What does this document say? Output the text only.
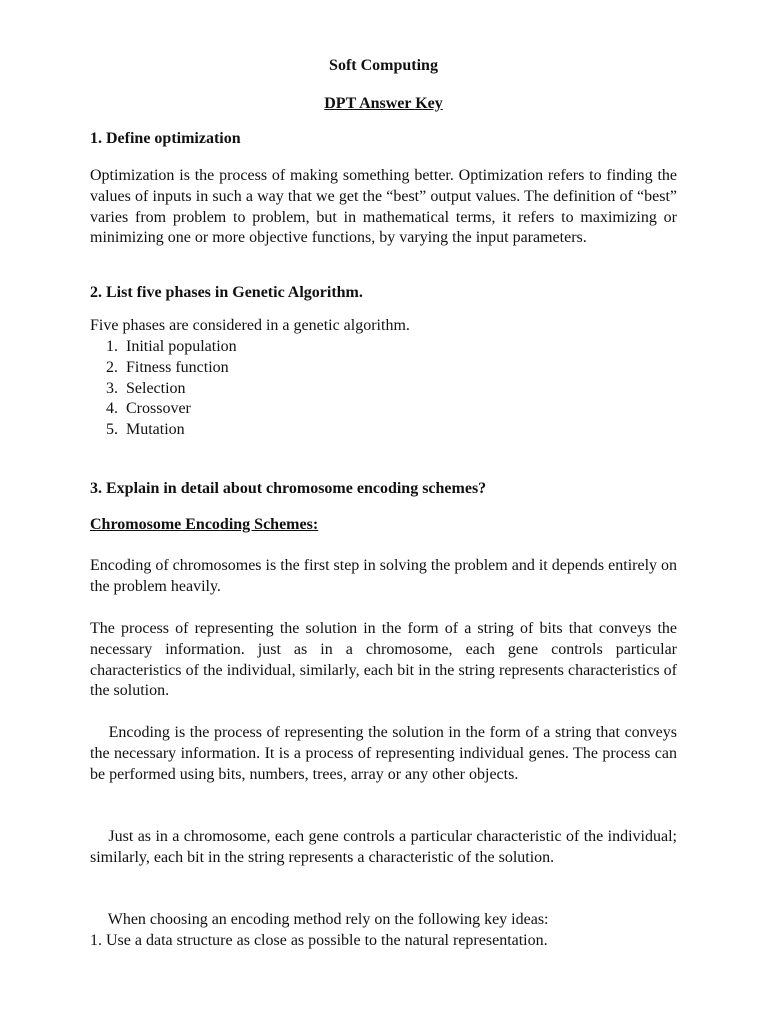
Soft Computing
DPT Answer Key
1. Define optimization
Optimization is the process of making something better. Optimization refers to finding the values of inputs in such a way that we get the “best” output values. The definition of “best” varies from problem to problem, but in mathematical terms, it refers to maximizing or minimizing one or more objective functions, by varying the input parameters.
2. List five phases in Genetic Algorithm.
Five phases are considered in a genetic algorithm.
1.
Initial population
2.
Fitness function
3.
Selection
4.
Crossover
5.
Mutation
3. Explain in detail about chromosome encoding schemes?
Chromosome Encoding Schemes:
Encoding of chromosomes is the first step in solving the problem and it depends entirely on the problem heavily.
The process of representing the solution in the form of a string of bits that conveys the necessary information. just as in a chromosome, each gene controls particular characteristics of the individual, similarly, each bit in the string represents characteristics of the solution.
Encoding is the process of representing the solution in the form of a string that conveys the necessary information. It is a process of representing individual genes. The process can be performed using bits, numbers, trees, array or any other objects.
Just as in a chromosome, each gene controls a particular characteristic of the individual; similarly, each bit in the string represents a characteristic of the solution.
When choosing an encoding method rely on the following key ideas:
1. Use a data structure as close as possible to the natural representation.
